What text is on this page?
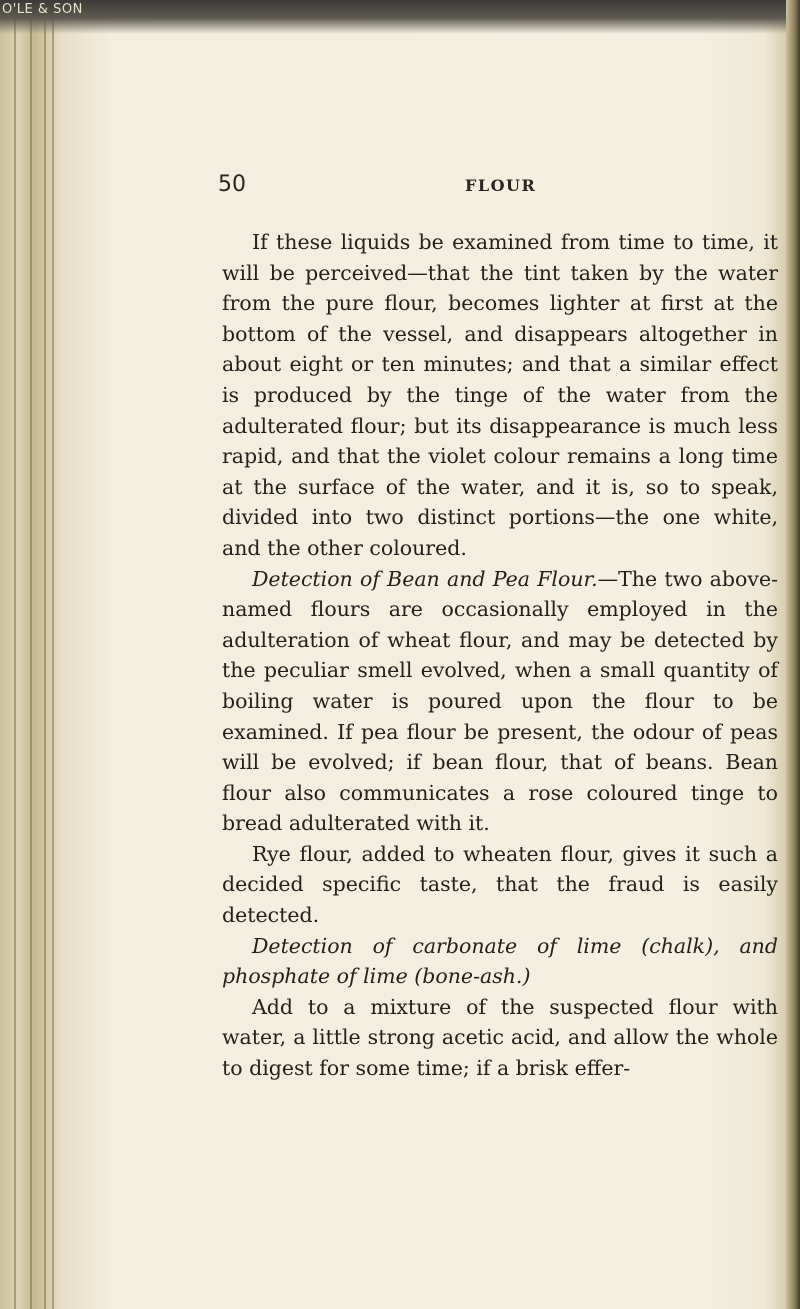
O'LE & SON
50	FLOUR

If these liquids be examined from time to time, it will be perceived—that the tint taken by the water from the pure flour, becomes lighter at first at the bottom of the vessel, and disappears altogether in about eight or ten minutes; and that a similar effect is produced by the tinge of the water from the adulterated flour; but its disappearance is much less rapid, and that the violet colour remains a long time at the surface of the water, and it is, so to speak, divided into two distinct portions—the one white, and the other coloured.

Detection of Bean and Pea Flour.—The two above-named flours are occasionally employed in the adulteration of wheat flour, and may be detected by the peculiar smell evolved, when a small quantity of boiling water is poured upon the flour to be examined. If pea flour be present, the odour of peas will be evolved; if bean flour, that of beans. Bean flour also communicates a rose coloured tinge to bread adulterated with it.

Rye flour, added to wheaten flour, gives it such a decided specific taste, that the fraud is easily detected.

Detection of carbonate of lime (chalk), and phosphate of lime (bone-ash.)

Add to a mixture of the suspected flour with water, a little strong acetic acid, and allow the whole to digest for some time; if a brisk effer-
